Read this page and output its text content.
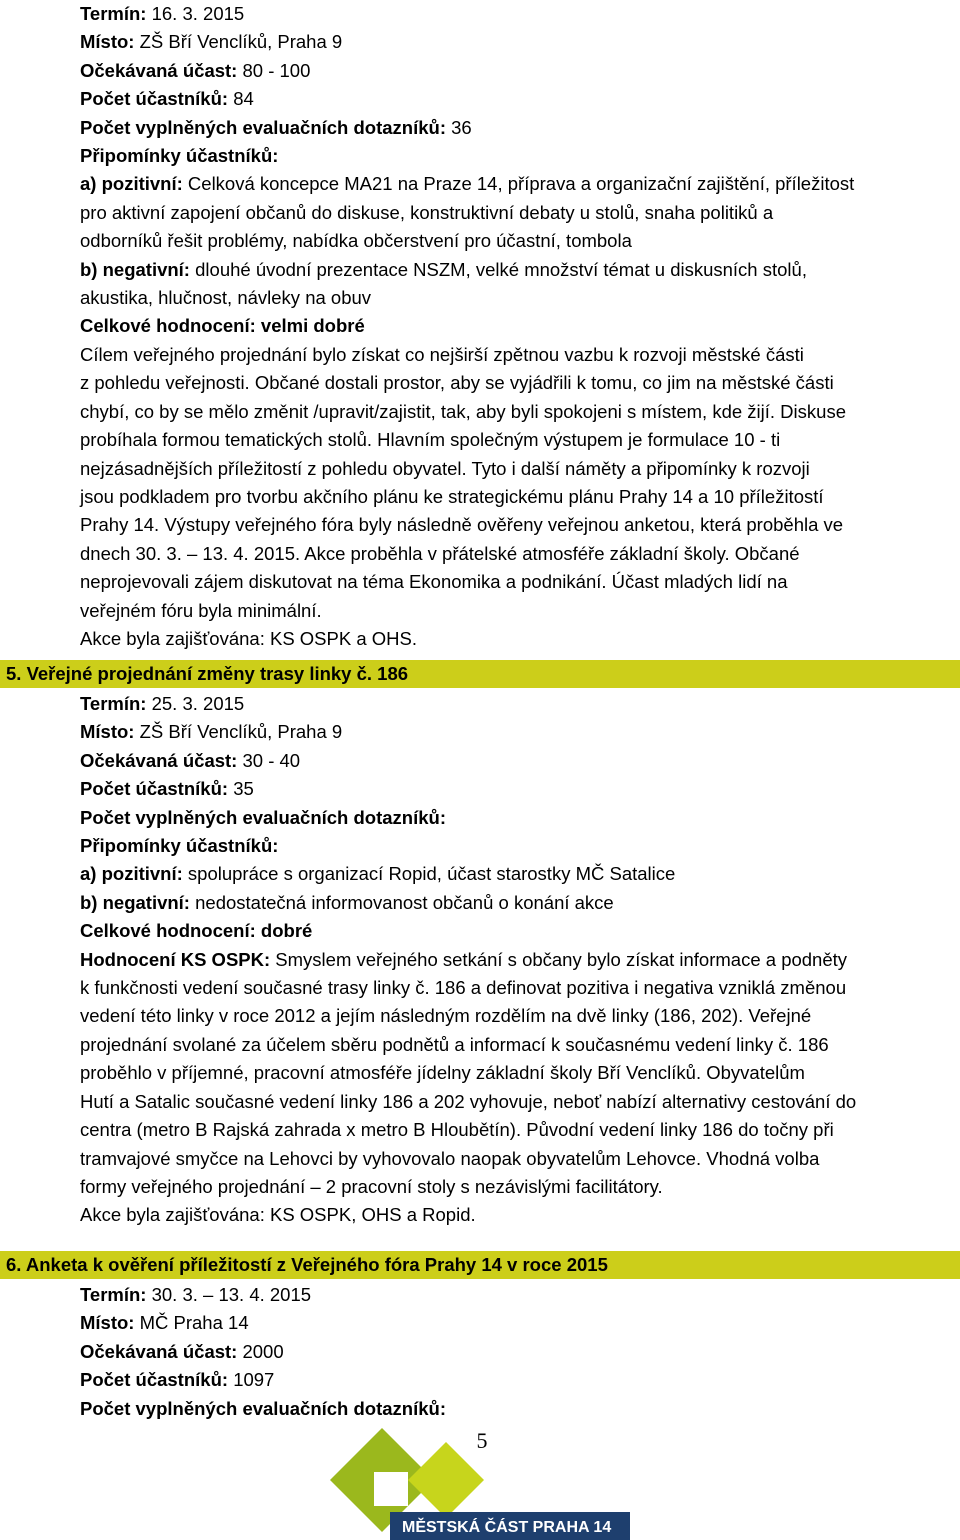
Termín: 16. 3. 2015
Místo: ZŠ Bří Venclíků, Praha 9
Očekávaná účast: 80 - 100
Počet účastníků: 84
Počet vyplněných evaluačních dotazníků: 36
Připomínky účastníků:
a) pozitivní: Celková koncepce MA21 na Praze 14, příprava a organizační zajištění, příležitost
pro aktivní zapojení občanů do diskuse, konstruktivní debaty u stolů, snaha politiků a
odborníků řešit problémy, nabídka občerstvení pro účastní, tombola
b) negativní: dlouhé úvodní prezentace NSZM, velké množství témat u diskusních stolů,
akustika, hlučnost, návleky na obuv
Celkové hodnocení: velmi dobré
Cílem veřejného projednání bylo získat co nejširší zpětnou vazbu k rozvoji městské části
z pohledu veřejnosti. Občané dostali prostor, aby se vyjádřili k tomu, co jim na městské části
chybí, co by se mělo změnit /upravit/zajistit, tak, aby byli spokojeni s místem, kde žijí. Diskuse
probíhala formou tematických stolů. Hlavním společným výstupem je formulace 10 - ti
nejzásadnějších příležitostí z pohledu obyvatel. Tyto i další náměty a připomínky k rozvoji
jsou podkladem pro tvorbu akčního plánu ke strategickému plánu Prahy 14 a 10 příležitostí
Prahy 14. Výstupy veřejného fóra byly následně ověřeny veřejnou anketou, která proběhla ve
dnech 30. 3. – 13. 4. 2015. Akce proběhla v přátelské atmosféře základní školy. Občané
neprojevovali zájem diskutovat na téma Ekonomika a podnikání. Účast mladých lidí na
veřejném fóru byla minimální.
Akce byla zajišťována: KS OSPK a OHS.
5. Veřejné projednání změny trasy linky č. 186
Termín: 25. 3. 2015
Místo: ZŠ Bří Venclíků, Praha 9
Očekávaná účast: 30 - 40
Počet účastníků: 35
Počet vyplněných evaluačních dotazníků:
Připomínky účastníků:
a) pozitivní: spolupráce s organizací Ropid, účast starostky MČ Satalice
b) negativní: nedostatečná informovanost občanů o konání akce
Celkové hodnocení: dobré
Hodnocení KS OSPK: Smyslem veřejného setkání s občany bylo získat informace a podněty
k funkčnosti vedení současné trasy linky č. 186 a definovat pozitiva i negativa vzniklá změnou
vedení této linky v roce 2012 a jejím následným rozdělím na dvě linky (186, 202). Veřejné
projednání svolané za účelem sběru podnětů a informací k současnému vedení linky č. 186
proběhlo v příjemné, pracovní atmosféře jídelny základní školy Bří Venclíků. Obyvatelům
Hutí a Satalic současné vedení linky 186 a 202 vyhovuje, neboť nabízí alternativy cestování do
centra (metro B Rajská zahrada x metro B Hloubětín). Původní vedení linky 186 do točny při
tramvajové smyčce na Lehovci by vyhovovalo naopak obyvatelům Lehovce. Vhodná volba
formy veřejného projednání – 2 pracovní stoly s nezávislými facilitátory.
Akce byla zajišťována: KS OSPK, OHS a Ropid.
6. Anketa k ověření příležitostí z Veřejného fóra Prahy 14 v roce 2015
Termín: 30. 3. – 13. 4. 2015
Místo: MČ Praha 14
Očekávaná účast: 2000
Počet účastníků: 1097
Počet vyplněných evaluačních dotazníků:
MĚSTSKÁ ČÁST PRAHA 14
5
